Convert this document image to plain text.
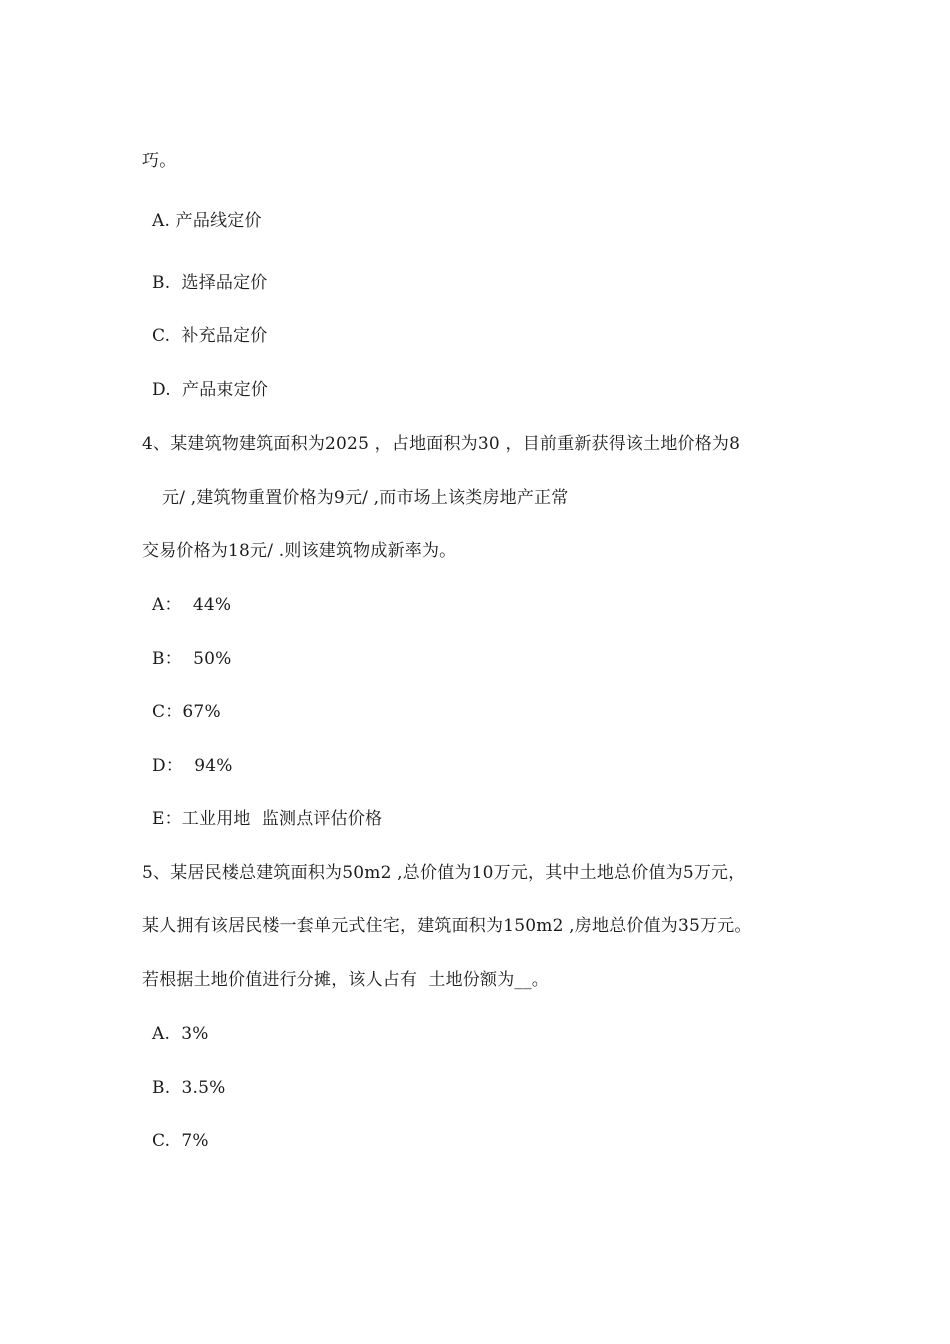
巧。
A. 产品线定价
B.  选择品定价
C.  补充品定价
D.  产品束定价
4、某建筑物建筑面积为2025 ，占地面积为30 ，目前重新获得该土地价格为8
元/ ,建筑物重置价格为9元/ ,而市场上该类房地产正常
交易价格为18元/ .则该建筑物成新率为。
A：  44%
B：  50%
C：67%
D：  94%
E：工业用地  监测点评估价格
5、某居民楼总建筑面积为50m2 ,总价值为10万元，其中土地总价值为5万元，
某人拥有该居民楼一套单元式住宅，建筑面积为150m2 ,房地总价值为35万元。
若根据土地价值进行分摊，该人占有  土地份额为__。
A.  3%
B.  3.5%
C.  7%
